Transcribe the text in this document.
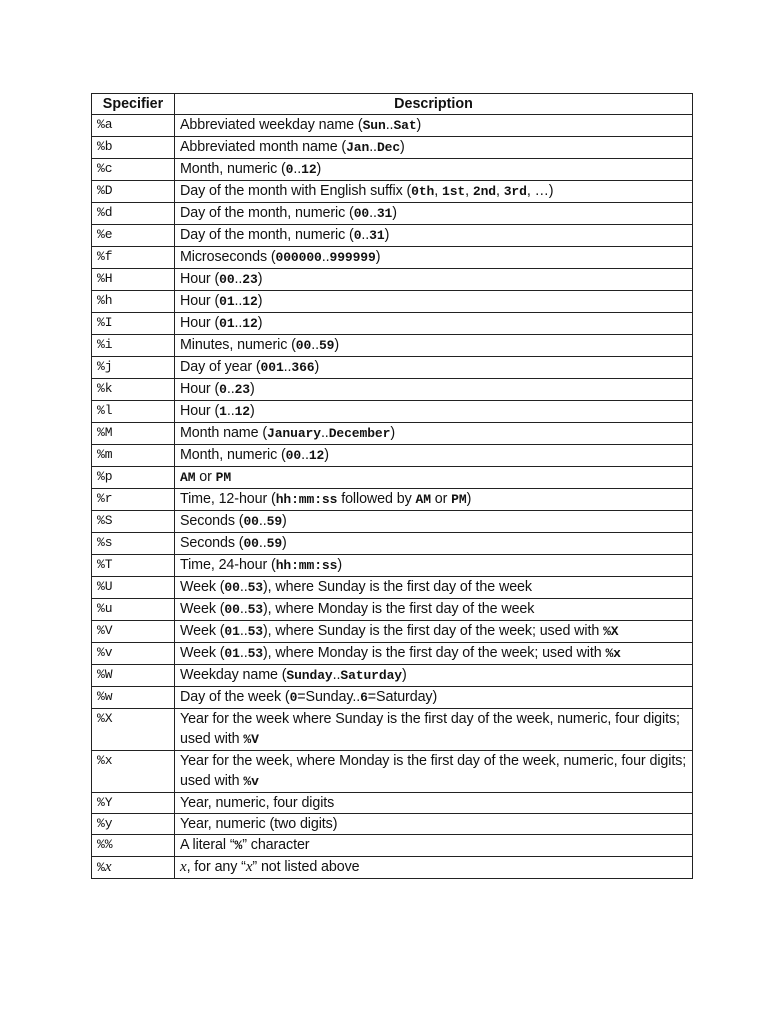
Specifier	Description
%a	Abbreviated weekday name (Sun..Sat)
%b	Abbreviated month name (Jan..Dec)
%c	Month, numeric (0..12)
%D	Day of the month with English suffix (0th, 1st, 2nd, 3rd, …)
%d	Day of the month, numeric (00..31)
%e	Day of the month, numeric (0..31)
%f	Microseconds (000000..999999)
%H	Hour (00..23)
%h	Hour (01..12)
%I	Hour (01..12)
%i	Minutes, numeric (00..59)
%j	Day of year (001..366)
%k	Hour (0..23)
%l	Hour (1..12)
%M	Month name (January..December)
%m	Month, numeric (00..12)
%p	AM or PM
%r	Time, 12-hour (hh:mm:ss followed by AM or PM)
%S	Seconds (00..59)
%s	Seconds (00..59)
%T	Time, 24-hour (hh:mm:ss)
%U	Week (00..53), where Sunday is the first day of the week
%u	Week (00..53), where Monday is the first day of the week
%V	Week (01..53), where Sunday is the first day of the week; used with %X
%v	Week (01..53), where Monday is the first day of the week; used with %x
%W	Weekday name (Sunday..Saturday)
%w	Day of the week (0=Sunday..6=Saturday)
%X	Year for the week where Sunday is the first day of the week, numeric, four digits; used with %V
%x	Year for the week, where Monday is the first day of the week, numeric, four digits; used with %v
%Y	Year, numeric, four digits
%y	Year, numeric (two digits)
%%	A literal “%” character
%x	x, for any “x” not listed above
